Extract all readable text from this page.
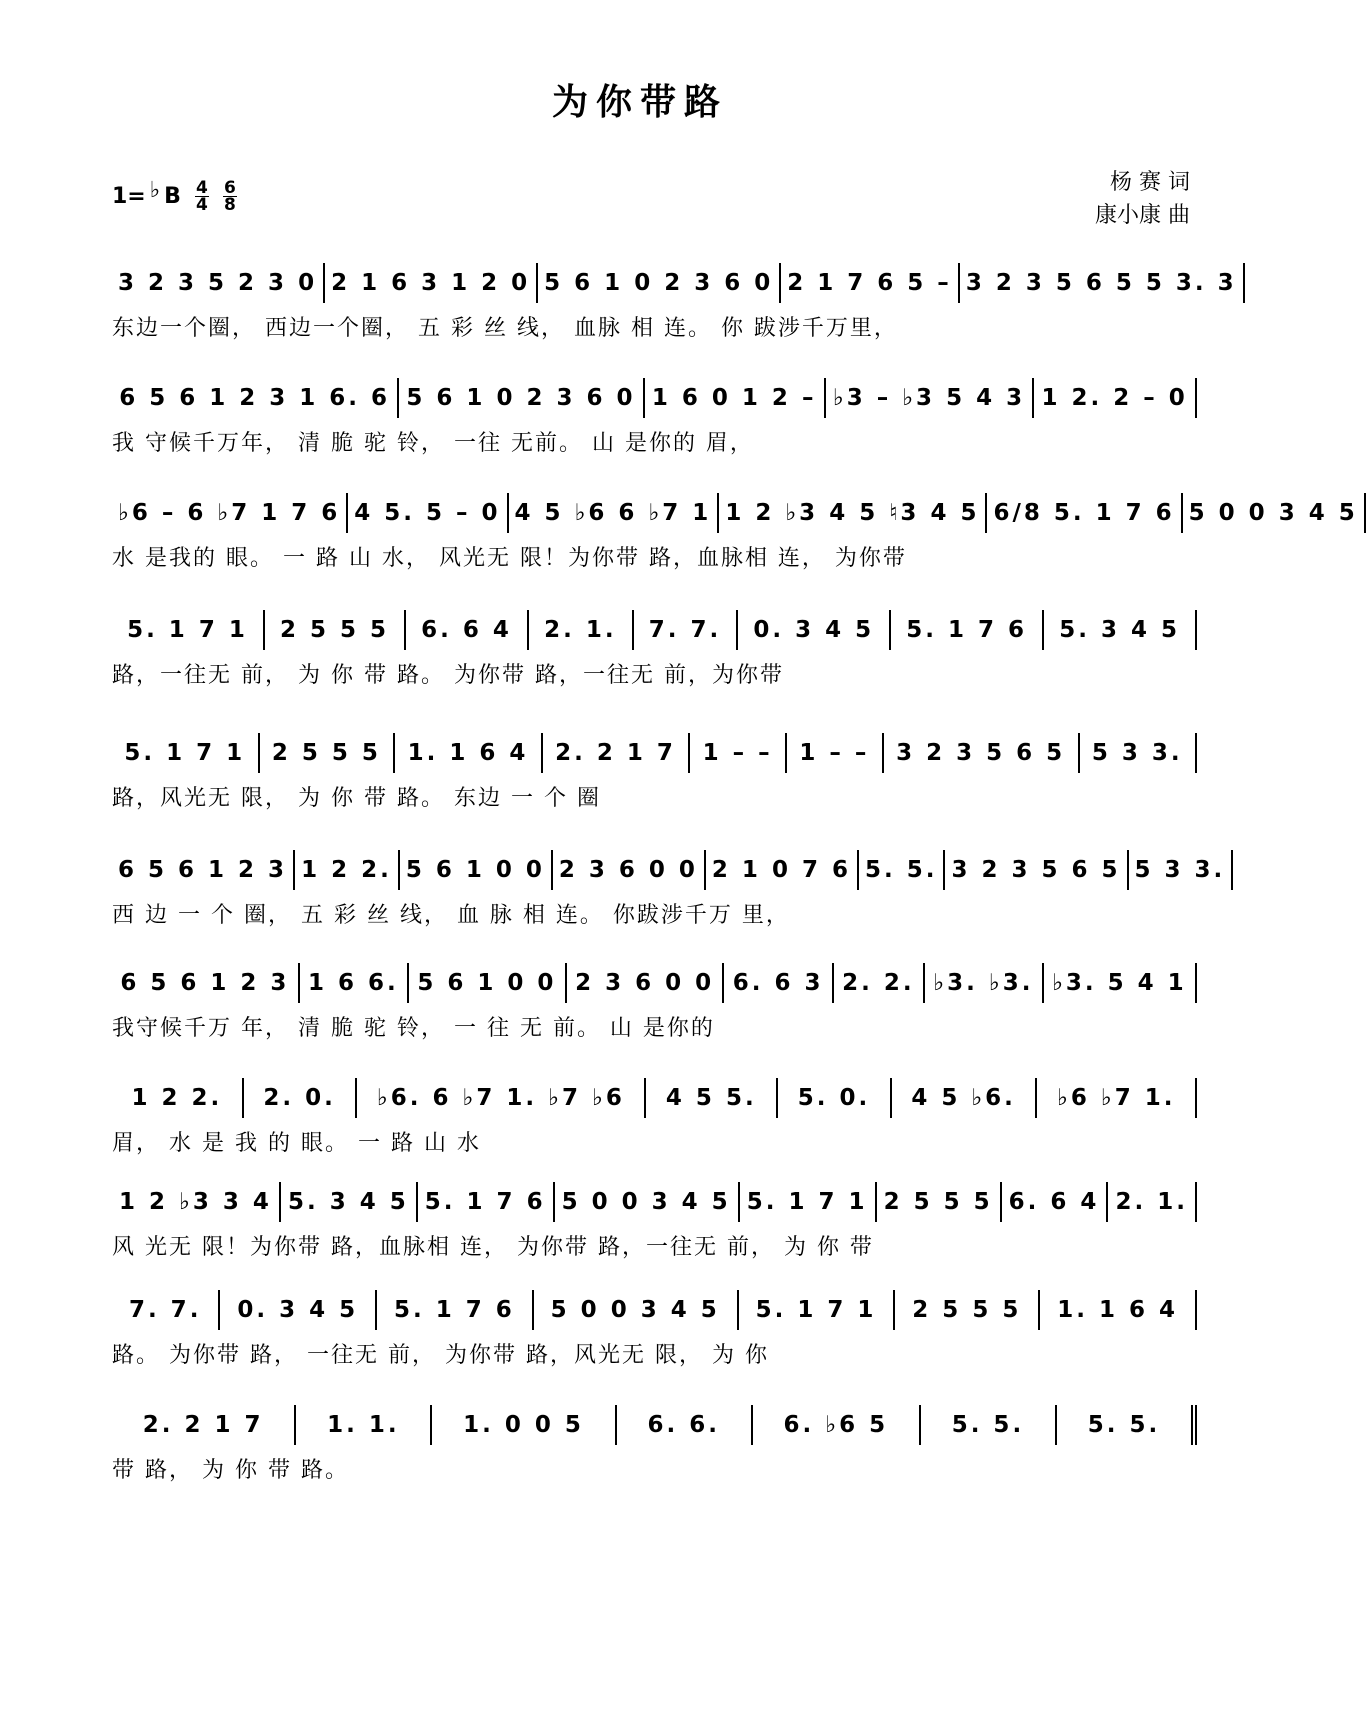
为你带路
1= ♭ B $\frac{4}{4} \frac{6}{8}$	杨 赛 词
康小康 曲
3 2 3 5 2 3 0 2 1 6 3 1 2 0 5 6 1 0 2 3 6 0 2 1 7 6 5 – 3 2 3 5 6 5 5 3. 3
东边一个圈， 西边一个圈， 五 彩 丝 线， 血脉 相 连。 你 跋涉千万里，
6 5 6 1 2 3 1 6. 6 5 6 1 0 2 3 6 0 1 6 0 1 2 – ♭3 – ♭3 5 4 3 1 2. 2 – 0
我 守候千万年， 清 脆 驼 铃， 一往 无前。 山 是你的 眉，
♭6 – 6 ♭7 1 7 6 4 5. 5 – 0 4 5 ♭6 6 ♭7 1 1 2 ♭3 4 5 ♮3 4 5 6/8 5. 1 7 6 5 0 0 3 4 5
水 是我的 眼。 一 路 山 水， 风光无 限！为你带 路，血脉相 连， 为你带
5. 1 7 1	2 5 5 5	6. 6 4	2. 1.	7. 7.	0. 3 4 5	5. 1 7 6	5. 3 4 5
路，一往无 前， 为 你 带 路。 为你带 路，一往无 前，为你带
5. 1 7 1	2 5 5 5	1. 1 6 4	2. 2 1 7	1 – –	1 – –	3 2 3 5 6 5	5 3 3.
路，风光无 限， 为 你 带 路。 东边 一 个 圈
6 5 6 1 2 3 1 2 2. 5 6 1 0 0 2 3 6 0 0 2 1 0 7 6 5. 5. 3 2 3 5 6 5 5 3 3.
西 边 一 个 圈， 五 彩 丝 线， 血 脉 相 连。 你跋涉千万 里，
6 5 6 1 2 3 1 6 6. 5 6 1 0 0 2 3 6 0 0 6. 6 3 2. 2. ♭3. ♭3. ♭3. 5 4 1
我守候千万 年， 清 脆 驼 铃， 一 往 无 前。 山 是你的
1 2 2.	2. 0.	♭6. 6 ♭7 1. ♭7 ♭6	4 5 5.	5. 0.	4 5 ♭6.	♭6 ♭7 1.
眉， 水 是 我 的 眼。 一 路 山 水
1 2 ♭3 3 4 5. 3 4 5 5. 1 7 6 5 0 0 3 4 5 5. 1 7 1 2 5 5 5 6. 6 4 2. 1.
风 光无 限！为你带 路，血脉相 连， 为你带 路，一往无 前， 为 你 带
7. 7.	0. 3 4 5	5. 1 7 6	5 0 0 3 4 5	5. 1 7 1	2 5 5 5	1. 1 6 4
路。 为你带 路， 一往无 前， 为你带 路，风光无 限， 为 你
2. 2 1 7	1. 1.	1. 0 0 5	6. 6.	6. ♭6 5	5. 5.	5. 5.
带 路， 为 你 带 路。
